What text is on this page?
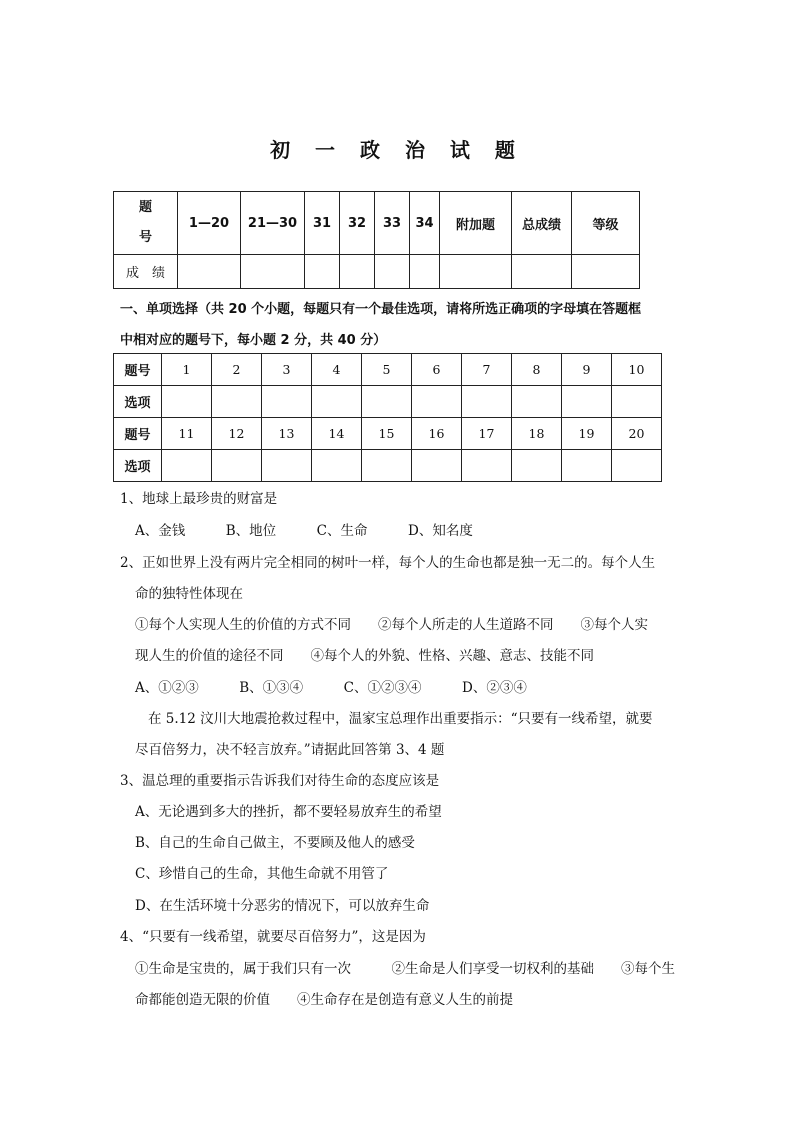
初 一 政 治 试 题
题
号	1—20	21—30	31	32	33	34	附加题	总成绩	等级
成　绩									
一、单项选择（共 20 个小题，每题只有一个最佳选项，请将所选正确项的字母填在答题框
中相对应的题号下，每小题 2 分，共 40 分）
题号	1	2	3	4	5	6	7	8	9	10
选项										
题号	11	12	13	14	15	16	17	18	19	20
选项										
1、地球上最珍贵的财富是
A、金钱　　　B、地位　　　C、生命　　　D、知名度
2、正如世界上没有两片完全相同的树叶一样，每个人的生命也都是独一无二的。每个人生
命的独特性体现在
①每个人实现人生的价值的方式不同　　②每个人所走的人生道路不同　　③每个人实
现人生的价值的途径不同　　④每个人的外貌、性格、兴趣、意志、技能不同
A、①②③　　　B、①③④　　　C、①②③④　　　D、②③④
在 5.12 汶川大地震抢救过程中，温家宝总理作出重要指示：“只要有一线希望，就要
尽百倍努力，决不轻言放弃。”请据此回答第 3、4 题
3、温总理的重要指示告诉我们对待生命的态度应该是
A、无论遇到多大的挫折，都不要轻易放弃生的希望
B、自己的生命自己做主，不要顾及他人的感受
C、珍惜自己的生命，其他生命就不用管了
D、在生活环境十分恶劣的情况下，可以放弃生命
4、“只要有一线希望，就要尽百倍努力”，这是因为
①生命是宝贵的，属于我们只有一次　　　②生命是人们享受一切权利的基础　　③每个生
命都能创造无限的价值　　④生命存在是创造有意义人生的前提
